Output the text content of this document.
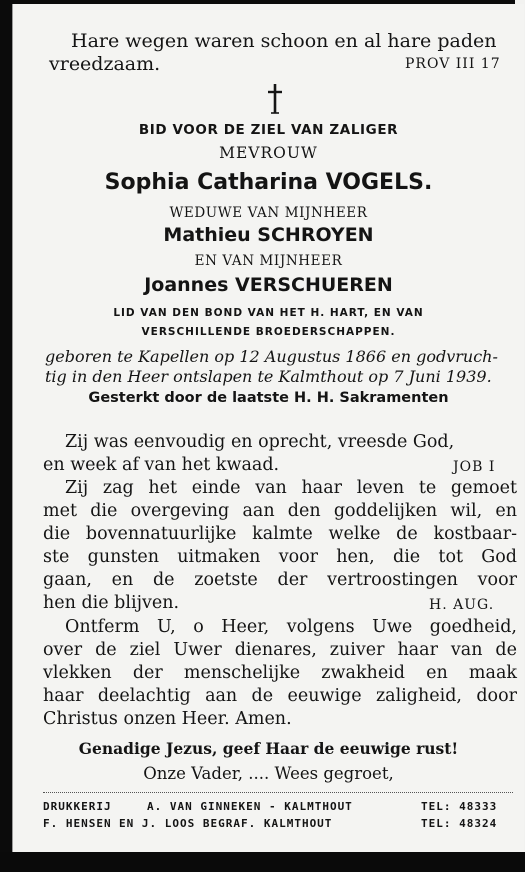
Hare wegen waren schoon en al hare paden
vreedzaam.	PROV III 17
BID VOOR DE ZIEL VAN ZALIGER
MEVROUW
Sophia Catharina VOGELS.
WEDUWE VAN MIJNHEER
Mathieu SCHROYEN
EN VAN MIJNHEER
Joannes VERSCHUEREN
LID VAN DEN BOND VAN HET H. HART, EN VAN
VERSCHILLENDE BROEDERSCHAPPEN.
geboren te Kapellen op 12 Augustus 1866 en godvruch-
tig in den Heer ontslapen te Kalmthout op 7 Juni 1939.
Gesterkt door de laatste H. H. Sakramenten
Zij was eenvoudig en oprecht, vreesde God,
en week af van het kwaad.	JOB I
Zij zag het einde van haar leven te gemoet
met die overgeving aan den goddelijken wil, en
die bovennatuurlijke kalmte welke de kostbaar-
ste gunsten uitmaken voor hen, die tot God
gaan, en de zoetste der vertroostingen voor
hen die blijven.	H. AUG.
Ontferm U, o Heer, volgens Uwe goedheid,
over de ziel Uwer dienares, zuiver haar van de
vlekken der menschelijke zwakheid en maak
haar deelachtig aan de eeuwige zaligheid, door
Christus onzen Heer. Amen.
Genadige Jezus, geef Haar de eeuwige rust!
Onze Vader, .... Wees gegroet,
DRUKKERIJ	A. VAN GINNEKEN - KALMTHOUT	TEL: 48333
F. HENSEN EN J. LOOS BEGRAF. KALMTHOUT	TEL: 48324
